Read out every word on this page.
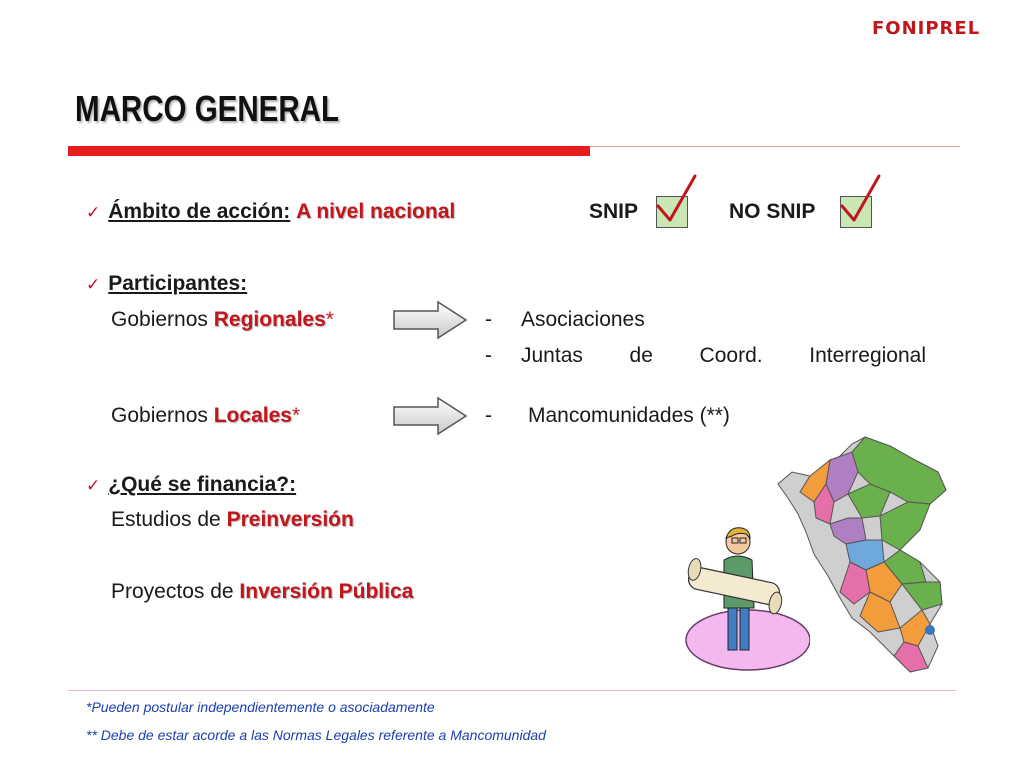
FONIPREL
MARCO GENERAL
✓ Ámbito de acción: A nivel nacional	SNIP	NO SNIP
✓ Participantes:
Gobiernos Regionales*	- Asociaciones
- Juntas de Coord. Interregional
Gobiernos Locales*	- Mancomunidades (**)
✓ ¿Qué se financia?:
Estudios de Preinversión
Proyectos de Inversión Pública
*Pueden postular independientemente o asociadamente
** Debe de estar acorde a las Normas Legales referente a Mancomunidad
